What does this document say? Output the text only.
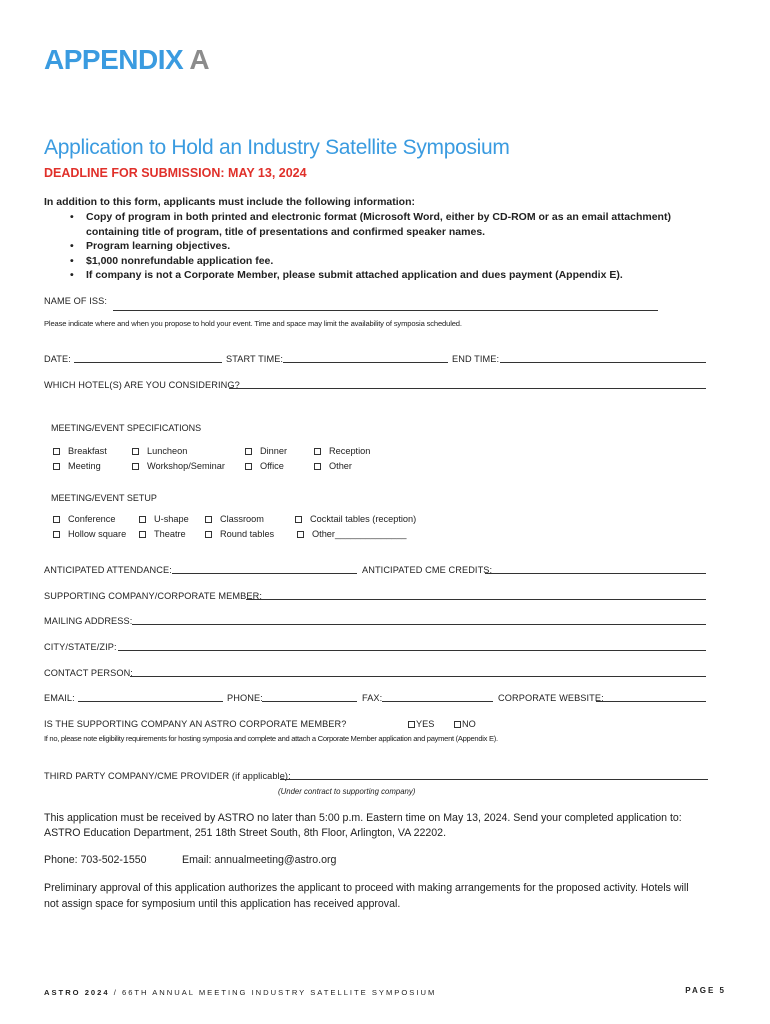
APPENDIX A
Application to Hold an Industry Satellite Symposium
DEADLINE FOR SUBMISSION: MAY 13, 2024
In addition to this form, applicants must include the following information:
• Copy of program in both printed and electronic format (Microsoft Word, either by CD-ROM or as an email attachment) containing title of program, title of presentations and confirmed speaker names.
• Program learning objectives.
• $1,000 nonrefundable application fee.
• If company is not a Corporate Member, please submit attached application and dues payment (Appendix E).
NAME OF ISS:
Please indicate where and when you propose to hold your event. Time and space may limit the availability of symposia scheduled.
DATE:	START TIME:	END TIME:
WHICH HOTEL(S) ARE YOU CONSIDERING?
MEETING/EVENT SPECIFICATIONS
Breakfast	Luncheon	Dinner	Reception
Meeting	Workshop/Seminar	Office	Other
MEETING/EVENT SETUP
Conference	U-shape	Classroom	Cocktail tables (reception)
Hollow square	Theatre	Round tables	Other______________
ANTICIPATED ATTENDANCE:	ANTICIPATED CME CREDITS:
SUPPORTING COMPANY/CORPORATE MEMBER:
MAILING ADDRESS:
CITY/STATE/ZIP:
CONTACT PERSON:
EMAIL:	PHONE:	FAX:	CORPORATE WEBSITE:
IS THE SUPPORTING COMPANY AN ASTRO CORPORATE MEMBER?	YES	NO
If no, please note eligibility requirements for hosting symposia and complete and attach a Corporate Member application and payment (Appendix E).
THIRD PARTY COMPANY/CME PROVIDER (if applicable):
(Under contract to supporting company)
This application must be received by ASTRO no later than 5:00 p.m. Eastern time on May 13, 2024. Send your completed application to:
ASTRO Education Department, 251 18th Street South, 8th Floor, Arlington, VA 22202.
Phone: 703-502-1550	Email: annualmeeting@astro.org
Preliminary approval of this application authorizes the applicant to proceed with making arrangements for the proposed activity. Hotels will
not assign space for symposium until this application has received approval.
ASTRO 2024 / 66TH ANNUAL MEETING INDUSTRY SATELLITE SYMPOSIUM	PAGE 5
